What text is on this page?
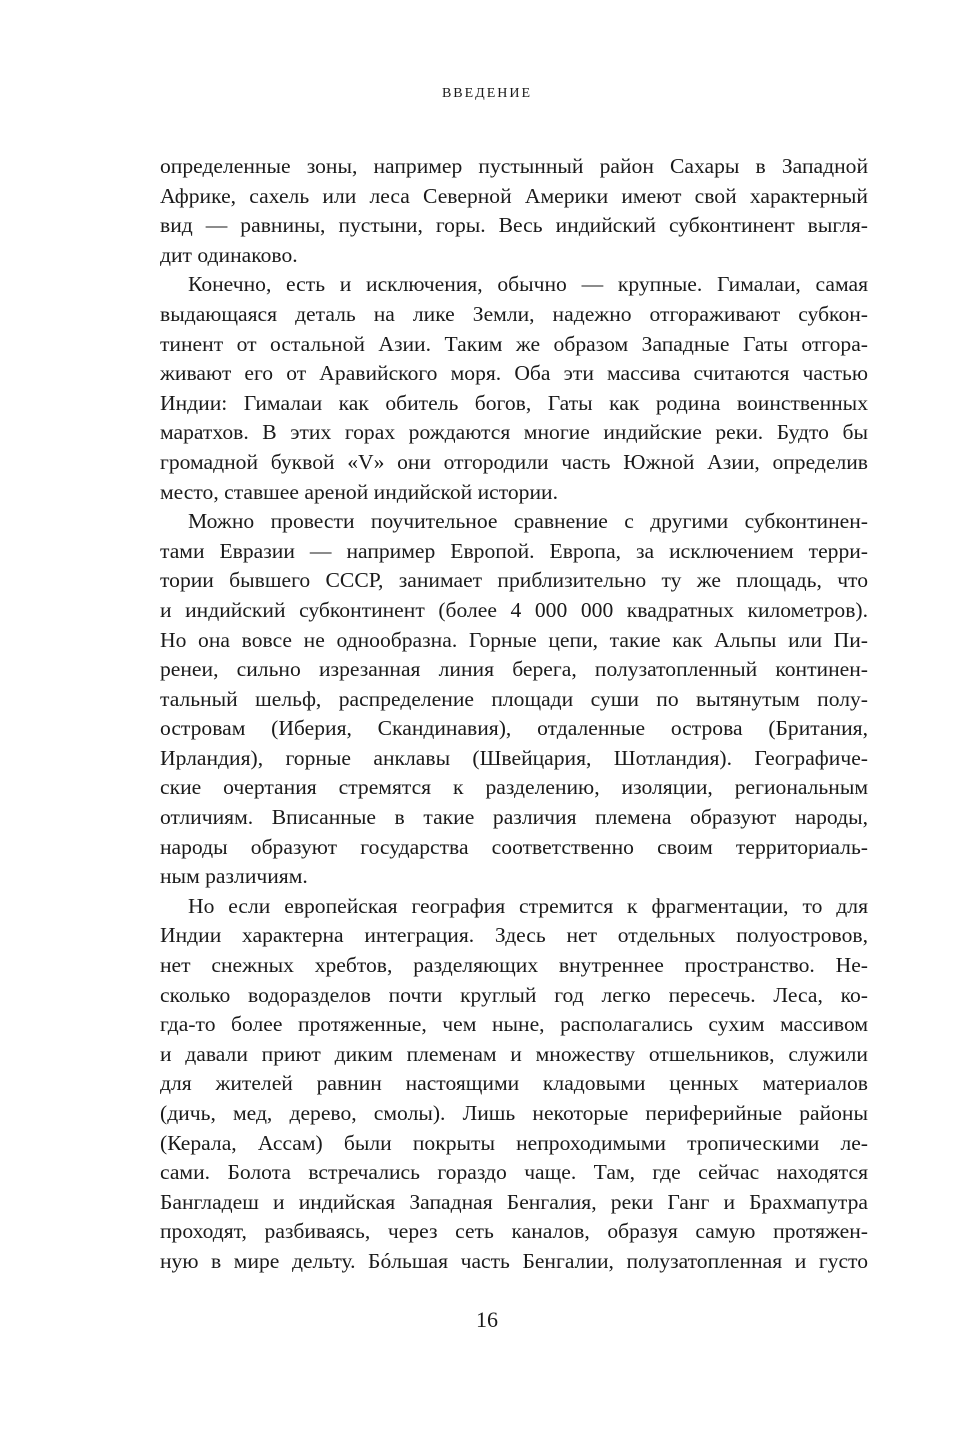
ВВЕДЕНИЕ
определенные зоны, например пустынный район Сахары в Западной
Африке, сахель или леса Северной Америки имеют свой характерный
вид — равнины, пустыни, горы. Весь индийский субконтинент выгля-
дит одинаково.
Конечно, есть и исключения, обычно — крупные. Гималаи, самая
выдающаяся деталь на лике Земли, надежно отгораживают субкон-
тинент от остальной Азии. Таким же образом Западные Гаты отгора-
живают его от Аравийского моря. Оба эти массива считаются частью
Индии: Гималаи как обитель богов, Гаты как родина воинственных
маратхов. В этих горах рождаются многие индийские реки. Будто бы
громадной буквой «V» они отгородили часть Южной Азии, определив
место, ставшее ареной индийской истории.
Можно провести поучительное сравнение с другими субконтинен-
тами Евразии — например Европой. Европа, за исключением терри-
тории бывшего СССР, занимает приблизительно ту же площадь, что
и индийский субконтинент (более 4 000 000 квадратных километров).
Но она вовсе не однообразна. Горные цепи, такие как Альпы или Пи-
ренеи, сильно изрезанная линия берега, полузатопленный континен-
тальный шельф, распределение площади суши по вытянутым полу-
островам (Иберия, Скандинавия), отдаленные острова (Британия,
Ирландия), горные анклавы (Швейцария, Шотландия). Географиче-
ские очертания стремятся к разделению, изоляции, региональным
отличиям. Вписанные в такие различия племена образуют народы,
народы образуют государства соответственно своим территориаль-
ным различиям.
Но если европейская география стремится к фрагментации, то для
Индии характерна интеграция. Здесь нет отдельных полуостровов,
нет снежных хребтов, разделяющих внутреннее пространство. Не-
сколько водоразделов почти круглый год легко пересечь. Леса, ко-
гда-то более протяженные, чем ныне, располагались сухим массивом
и давали приют диким племенам и множеству отшельников, служили
для жителей равнин настоящими кладовыми ценных материалов
(дичь, мед, дерево, смолы). Лишь некоторые периферийные районы
(Керала, Ассам) были покрыты непроходимыми тропическими ле-
сами. Болота встречались гораздо чаще. Там, где сейчас находятся
Бангладеш и индийская Западная Бенгалия, реки Ганг и Брахмапутра
проходят, разбиваясь, через сеть каналов, образуя самую протяжен-
ную в мире дельту. Бóльшая часть Бенгалии, полузатопленная и густо
16
